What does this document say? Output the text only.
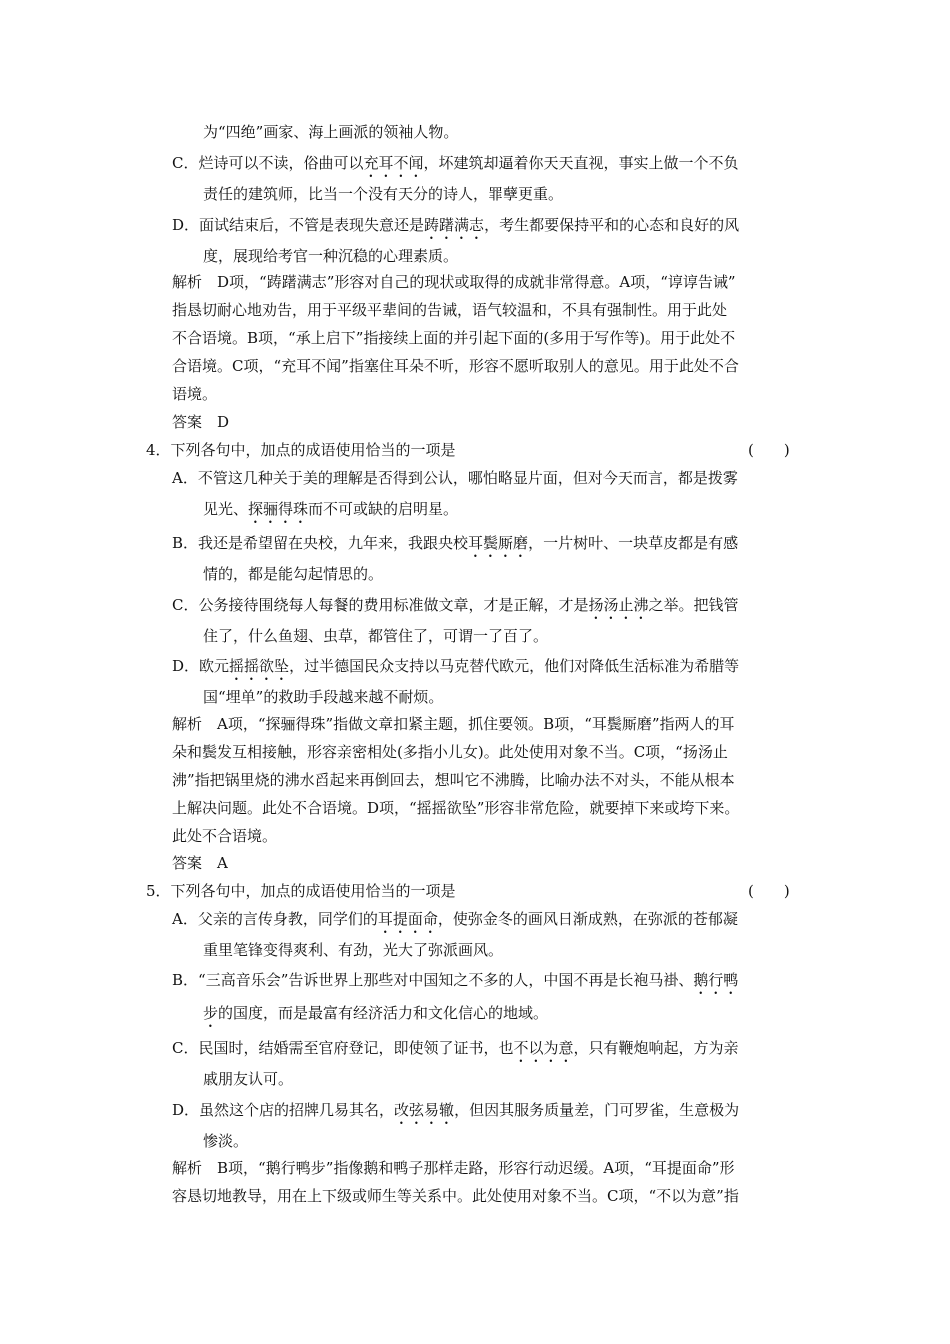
为“四绝”画家、海上画派的领袖人物。
C．烂诗可以不读，俗曲可以充耳不闻，坏建筑却逼着你天天直视，事实上做一个不负
责任的建筑师，比当一个没有天分的诗人，罪孽更重。
D．面试结束后，不管是表现失意还是踌躇满志，考生都要保持平和的心态和良好的风
度，展现给考官一种沉稳的心理素质。
解析　D项，“踌躇满志”形容对自己的现状或取得的成就非常得意。A项，“谆谆告诫”
指恳切耐心地劝告，用于平级平辈间的告诫，语气较温和，不具有强制性。用于此处
不合语境。B项，“承上启下”指接续上面的并引起下面的(多用于写作等)。用于此处不
合语境。C项，“充耳不闻”指塞住耳朵不听，形容不愿听取别人的意见。用于此处不合
语境。
答案　D
4．下列各句中，加点的成语使用恰当的一项是	(　　)
A．不管这几种关于美的理解是否得到公认，哪怕略显片面，但对今天而言，都是拨雾
见光、探骊得珠而不可或缺的启明星。
B．我还是希望留在央校，九年来，我跟央校耳鬓厮磨，一片树叶、一块草皮都是有感
情的，都是能勾起情思的。
C．公务接待围绕每人每餐的费用标准做文章，才是正解，才是扬汤止沸之举。把钱管
住了，什么鱼翅、虫草，都管住了，可谓一了百了。
D．欧元摇摇欲坠，过半德国民众支持以马克替代欧元，他们对降低生活标准为希腊等
国“埋单”的救助手段越来越不耐烦。
解析　A项，“探骊得珠”指做文章扣紧主题，抓住要领。B项，“耳鬓厮磨”指两人的耳
朵和鬓发互相接触，形容亲密相处(多指小儿女)。此处使用对象不当。C项，“扬汤止
沸”指把锅里烧的沸水舀起来再倒回去，想叫它不沸腾，比喻办法不对头，不能从根本
上解决问题。此处不合语境。D项，“摇摇欲坠”形容非常危险，就要掉下来或垮下来。
此处不合语境。
答案　A
5．下列各句中，加点的成语使用恰当的一项是	(　　)
A．父亲的言传身教，同学们的耳提面命，使弥金冬的画风日渐成熟，在弥派的苍郁凝
重里笔锋变得爽利、有劲，光大了弥派画风。
B．“三高音乐会”告诉世界上那些对中国知之不多的人，中国不再是长袍马褂、鹅行鸭
步的国度，而是最富有经济活力和文化信心的地域。
C．民国时，结婚需至官府登记，即使领了证书，也不以为意，只有鞭炮响起，方为亲
戚朋友认可。
D．虽然这个店的招牌几易其名，改弦易辙，但因其服务质量差，门可罗雀，生意极为
惨淡。
解析　B项，“鹅行鸭步”指像鹅和鸭子那样走路，形容行动迟缓。A项，“耳提面命”形
容恳切地教导，用在上下级或师生等关系中。此处使用对象不当。C项，“不以为意”指
